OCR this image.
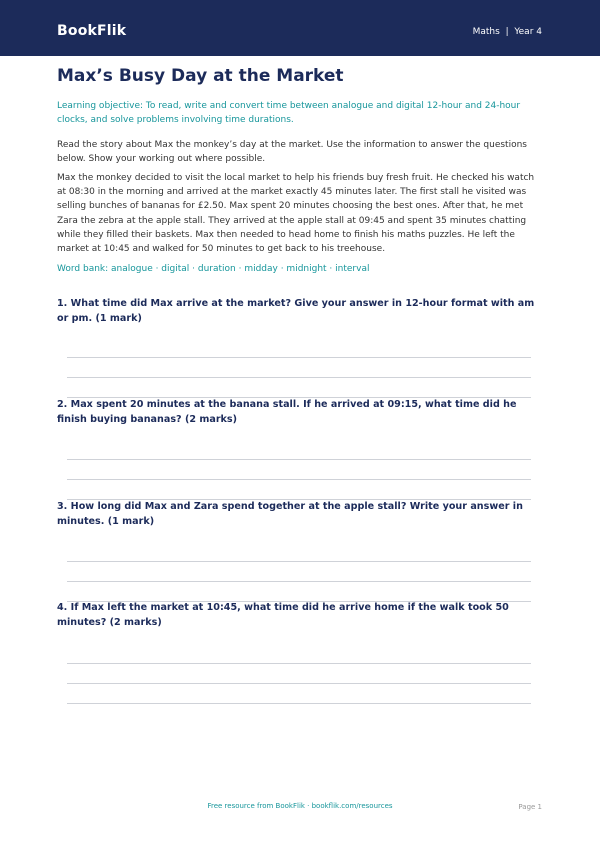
BookFlik	Maths | Year 4
Max’s Busy Day at the Market

Learning objective: To read, write and convert time between analogue and digital 12-hour and 24-hour clocks, and solve problems involving time durations.

Read the story about Max the monkey’s day at the market. Use the information to answer the questions below. Show your working out where possible.

Max the monkey decided to visit the local market to help his friends buy fresh fruit. He checked his watch at 08:30 in the morning and arrived at the market exactly 45 minutes later. The first stall he visited was selling bunches of bananas for £2.50. Max spent 20 minutes choosing the best ones. After that, he met Zara the zebra at the apple stall. They arrived at the apple stall at 09:45 and spent 35 minutes chatting while they filled their baskets. Max then needed to head home to finish his maths puzzles. He left the market at 10:45 and walked for 50 minutes to get back to his treehouse.

Word bank: analogue · digital · duration · midday · midnight · interval

1. What time did Max arrive at the market? Give your answer in 12-hour format with am or pm. (1 mark)

2. Max spent 20 minutes at the banana stall. If he arrived at 09:15, what time did he finish buying bananas? (2 marks)

3. How long did Max and Zara spend together at the apple stall? Write your answer in minutes. (1 mark)

4. If Max left the market at 10:45, what time did he arrive home if the walk took 50 minutes? (2 marks)

Free resource from BookFlik · bookflik.com/resources	Page 1
